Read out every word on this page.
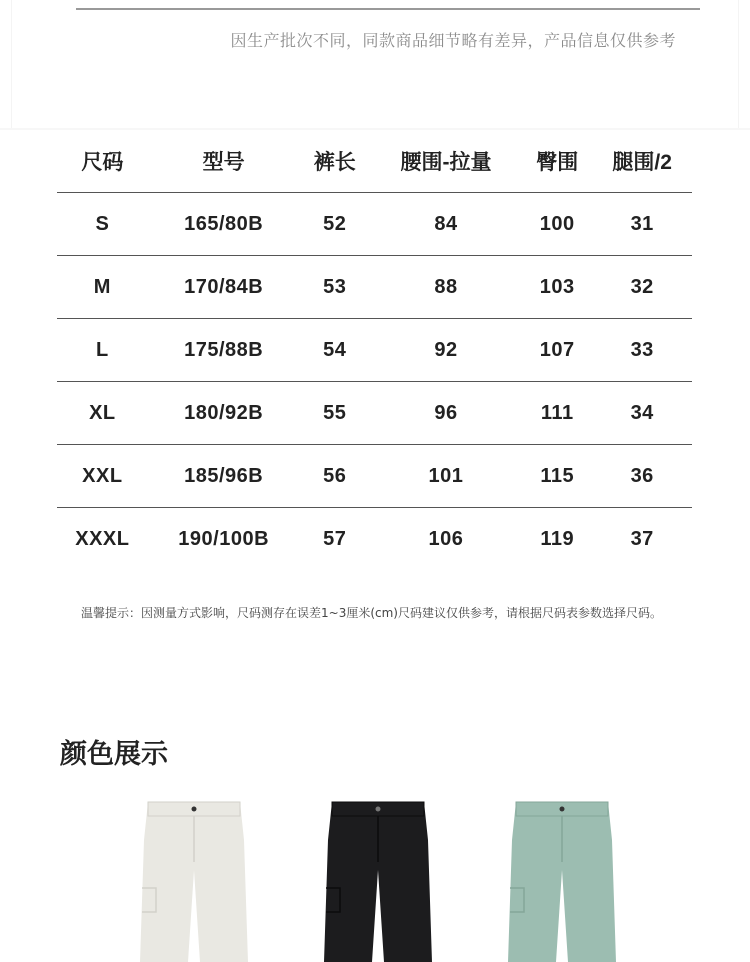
因生产批次不同，同款商品细节略有差异，产品信息仅供参考
尺码	型号	裤长	腰围-拉量	臀围	腿围/2
S	165/80B	52	84	100	31
M	170/84B	53	88	103	32
L	175/88B	54	92	107	33
XL	180/92B	55	96	111	34
XXL	185/96B	56	101	115	36
XXXL	190/100B	57	106	119	37
温馨提示：因测量方式影响，尺码测存在误差1~3厘米(cm)尺码建议仅供参考，请根据尺码表参数选择尺码。
颜色展示
